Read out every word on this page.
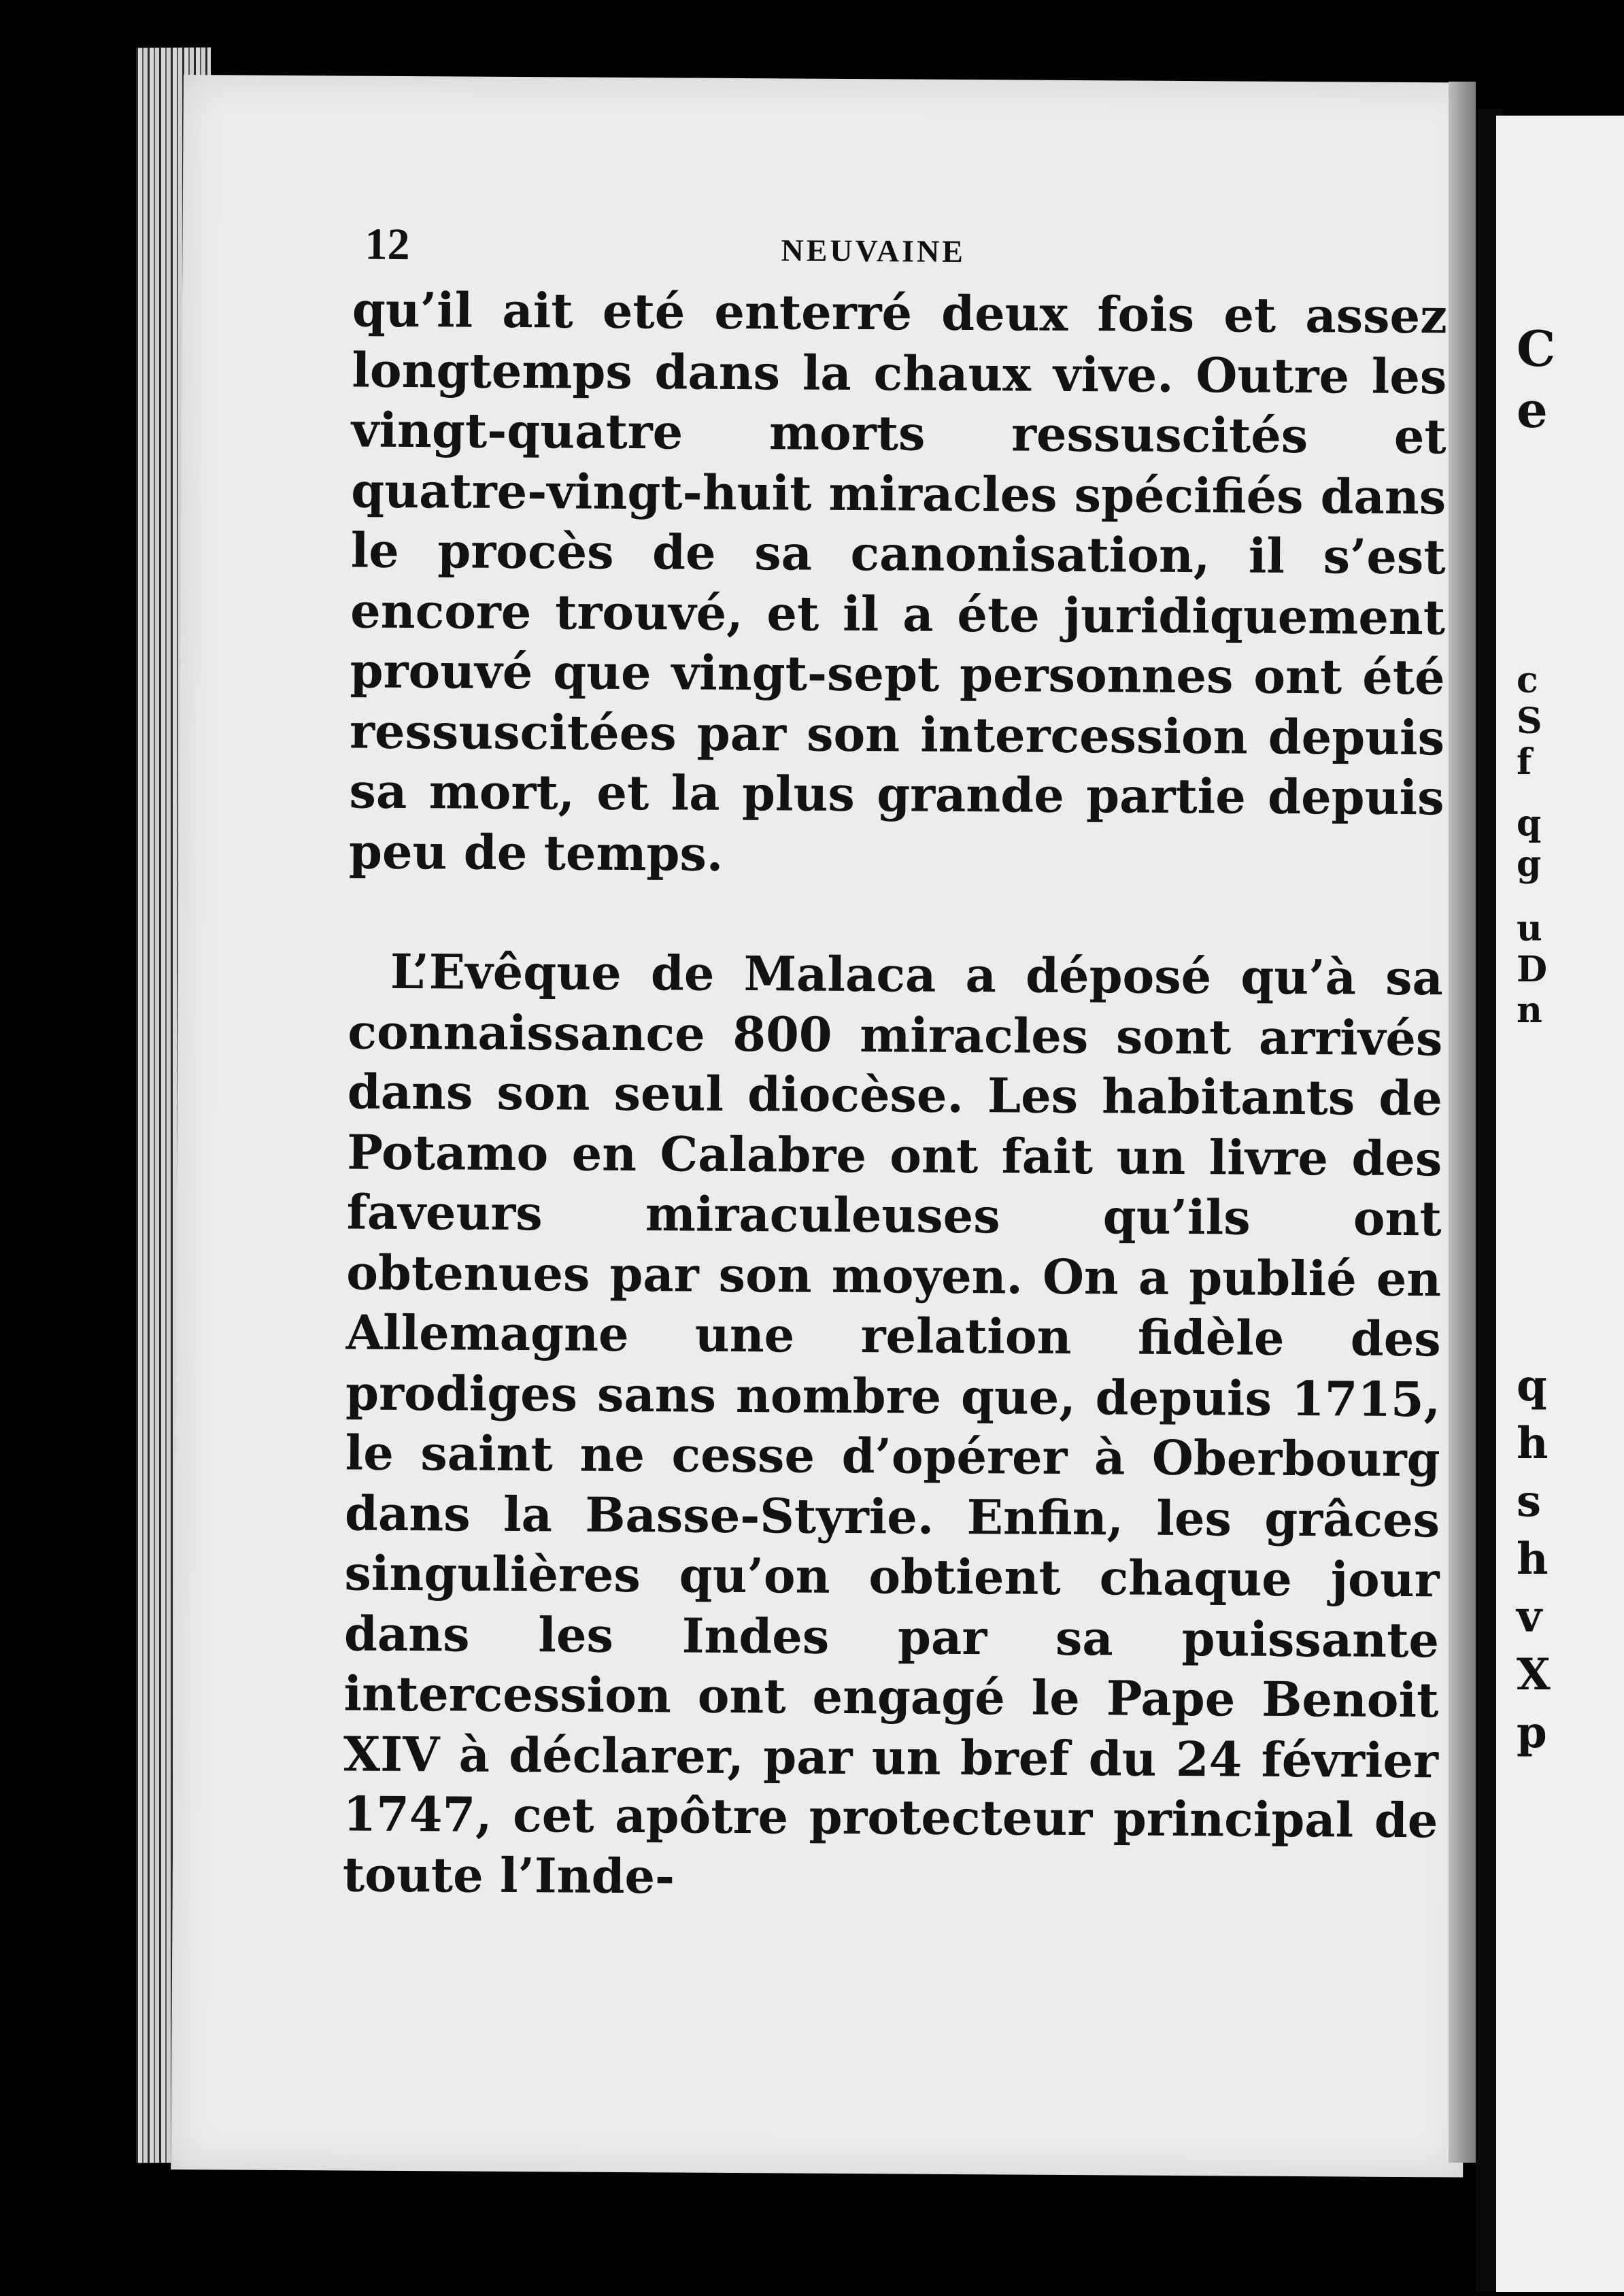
12	NEUVAINE

qu’il ait eté enterré deux fois et assez longtemps dans la chaux vive. Outre les vingt-quatre morts ressuscités et quatre-vingt-huit miracles spécifiés dans le procès de sa canonisation, il s’est encore trouvé, et il a éte juridiquement prouvé que vingt-sept personnes ont été ressuscitées par son intercession depuis sa mort, et la plus grande partie depuis peu de temps.

L’Evêque de Malaca a déposé qu’à sa connaissance 800 miracles sont arrivés dans son seul diocèse. Les habitants de Potamo en Calabre ont fait un livre des faveurs miraculeuses qu’ils ont obtenues par son moyen. On a publié en Allemagne une relation fidèle des prodiges sans nombre que, depuis 1715, le saint ne cesse d’opérer à Oberbourg dans la Basse-Styrie. Enfin, les grâces singulières qu’on obtient chaque jour dans les Indes par sa puissante intercession ont engagé le Pape Benoit XIV à déclarer, par un bref du 24 février 1747, cet apôtre protecteur principal de toute l’Inde-

C
e
c
S
f
q
g
u
D
n
q
h
s
h
v
X
p
